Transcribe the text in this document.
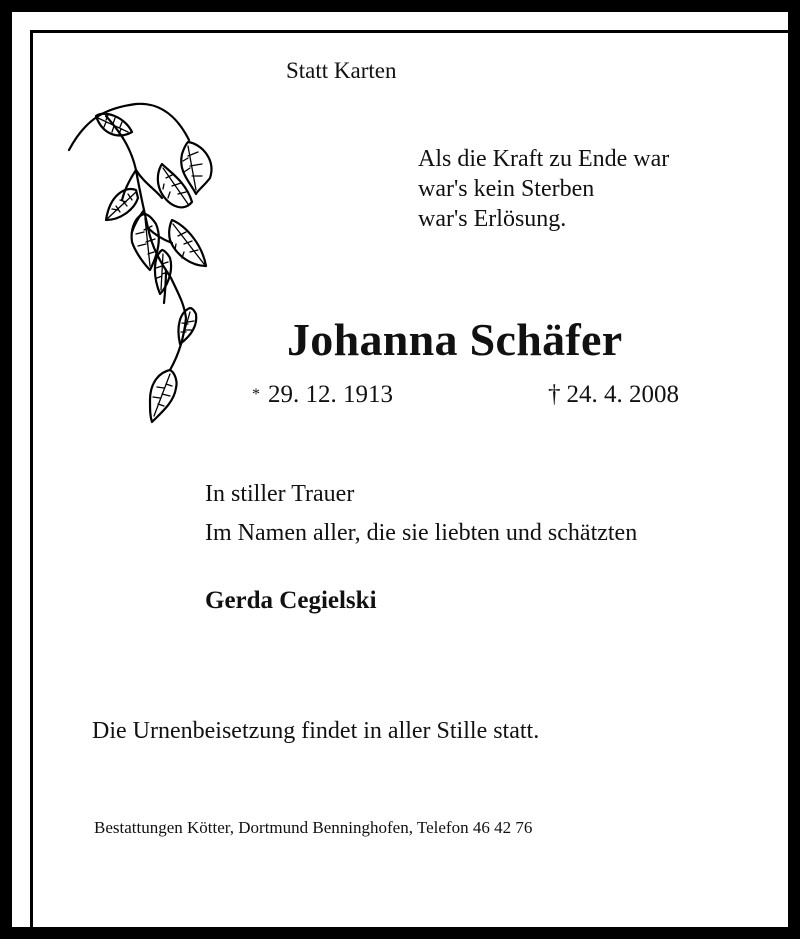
Statt Karten
Als die Kraft zu Ende war
war's kein Sterben
war's Erlösung.
Johanna Schäfer
* 29. 12. 1913	† 24. 4. 2008
In stiller Trauer
Im Namen aller, die sie liebten und schätzten
Gerda Cegielski
Die Urnenbeisetzung findet in aller Stille statt.
Bestattungen Kötter, Dortmund Benninghofen, Telefon 46 42 76
